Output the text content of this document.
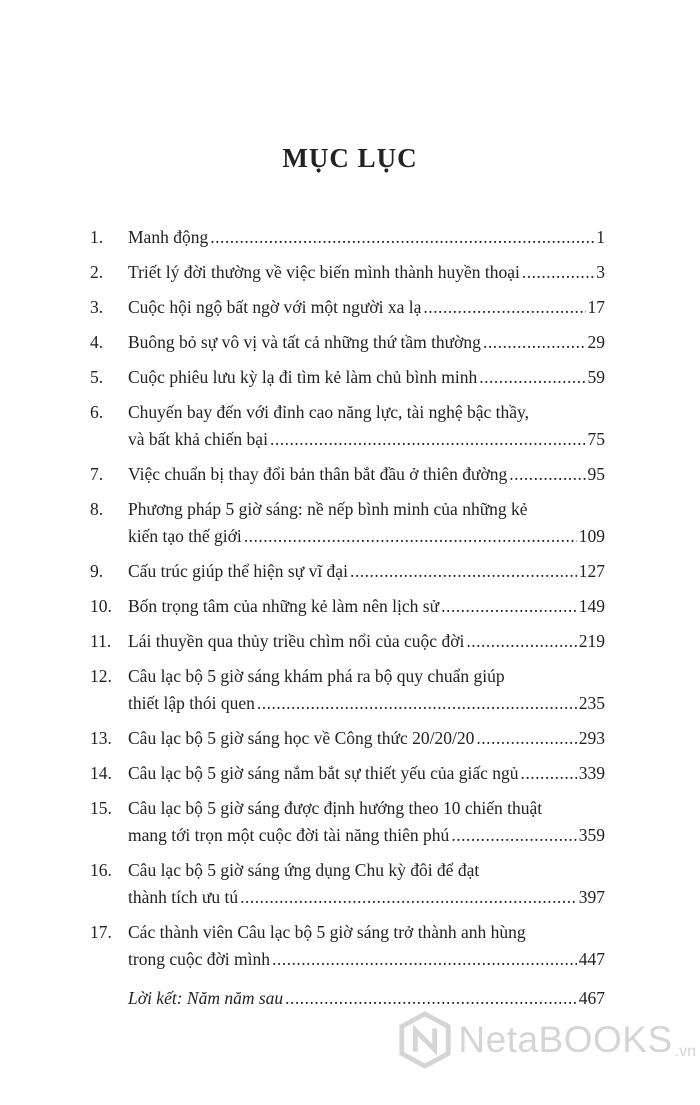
MỤC LỤC
1.	Manh động .....	1
2.	Triết lý đời thường về việc biến mình thành huyền thoại .....	3
3.	Cuộc hội ngộ bất ngờ với một người xa lạ .....	17
4.	Buông bỏ sự vô vị và tất cả những thứ tầm thường .....	29
5.	Cuộc phiêu lưu kỳ lạ đi tìm kẻ làm chủ bình minh .....	59
6.	Chuyến bay đến với đỉnh cao năng lực, tài nghệ bậc thầy,
và bất khả chiến bại .....	75
7.	Việc chuẩn bị thay đổi bản thân bắt đầu ở thiên đường .....	95
8.	Phương pháp 5 giờ sáng: nề nếp bình minh của những kẻ
kiến tạo thế giới .....	109
9.	Cấu trúc giúp thể hiện sự vĩ đại .....	127
10. Bốn trọng tâm của những kẻ làm nên lịch sử .....	149
11. Lái thuyền qua thủy triều chìm nổi của cuộc đời .....	219
12. Câu lạc bộ 5 giờ sáng khám phá ra bộ quy chuẩn giúp
thiết lập thói quen .....	235
13. Câu lạc bộ 5 giờ sáng học về Công thức 20/20/20 .....	293
14. Câu lạc bộ 5 giờ sáng nắm bắt sự thiết yếu của giấc ngủ .....	339
15. Câu lạc bộ 5 giờ sáng được định hướng theo 10 chiến thuật
mang tới trọn một cuộc đời tài năng thiên phú .....	359
16. Câu lạc bộ 5 giờ sáng ứng dụng Chu kỳ đôi để đạt
thành tích ưu tú .....	397
17. Các thành viên Câu lạc bộ 5 giờ sáng trở thành anh hùng
trong cuộc đời mình .....	447
Lời kết: Năm năm sau .....	467
NetaBOOKS .vn
